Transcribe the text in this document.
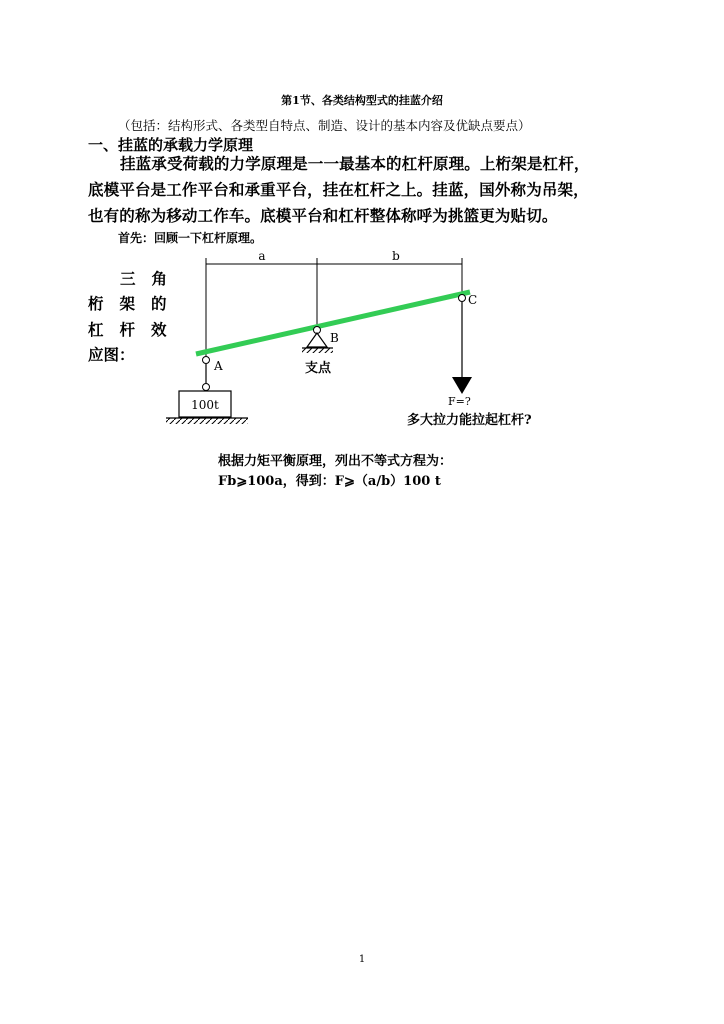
第1节、各类结构型式的挂蓝介绍
（包括：结构形式、各类型自特点、制造、设计的基本内容及优缺点要点）
一、挂蓝的承载力学原理
挂蓝承受荷载的力学原理是一一最基本的杠杆原理。上桁架是杠杆，
底模平台是工作平台和承重平台，挂在杠杆之上。挂蓝，国外称为吊架，
也有的称为移动工作车。底模平台和杠杆整体称呼为挑篮更为贴切。
首先：回顾一下杠杆原理。
三角
桁架的
杠杆效
应图：
a	b
B
支点
A
100t
C
F=?
多大拉力能拉起杠杆?
根据力矩平衡原理，列出不等式方程为：
Fb⩾100a，得到：F⩾（a/b）100 t
1
